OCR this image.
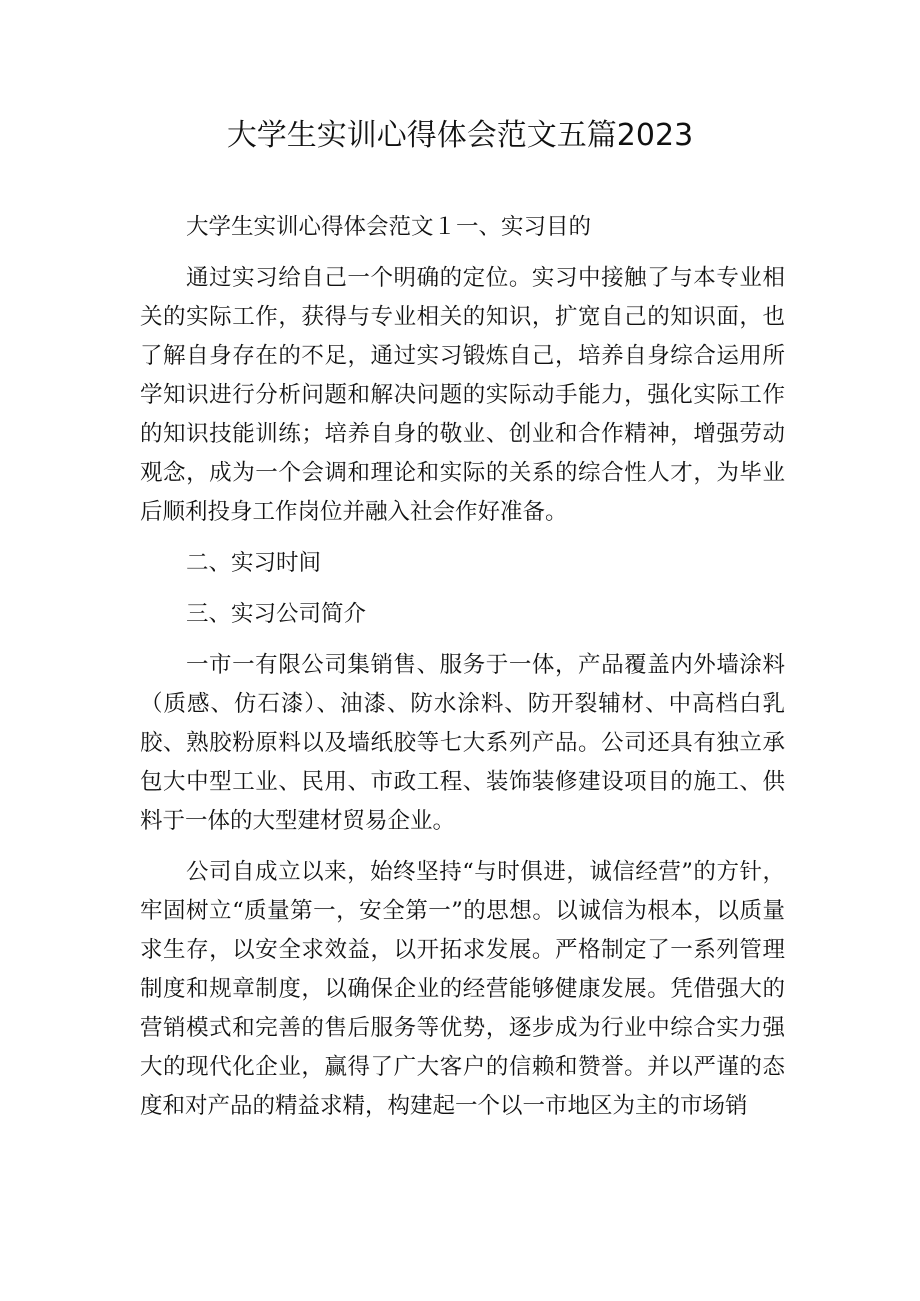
大学生实训心得体会范文五篇2023

大学生实训心得体会范文１一、实习目的

通过实习给自己一个明确的定位。实习中接触了与本专业相关的实际工作，获得与专业相关的知识，扩宽自己的知识面，也了解自身存在的不足，通过实习锻炼自己，培养自身综合运用所学知识进行分析问题和解决问题的实际动手能力，强化实际工作的知识技能训练；培养自身的敬业、创业和合作精神，增强劳动观念，成为一个会调和理论和实际的关系的综合性人才，为毕业后顺利投身工作岗位并融入社会作好准备。

二、实习时间

三、实习公司简介

一市一有限公司集销售、服务于一体，产品覆盖内外墙涂料（质感、仿石漆）、油漆、防水涂料、防开裂辅材、中高档白乳胶、熟胶粉原料以及墙纸胶等七大系列产品。公司还具有独立承包大中型工业、民用、市政工程、装饰装修建设项目的施工、供料于一体的大型建材贸易企业。

公司自成立以来，始终坚持“与时俱进，诚信经营”的方针，牢固树立“质量第一，安全第一”的思想。以诚信为根本，以质量求生存，以安全求效益，以开拓求发展。严格制定了一系列管理制度和规章制度，以确保企业的经营能够健康发展。凭借强大的营销模式和完善的售后服务等优势，逐步成为行业中综合实力强大的现代化企业，赢得了广大客户的信赖和赞誉。并以严谨的态度和对产品的精益求精，构建起一个以一市地区为主的市场销
